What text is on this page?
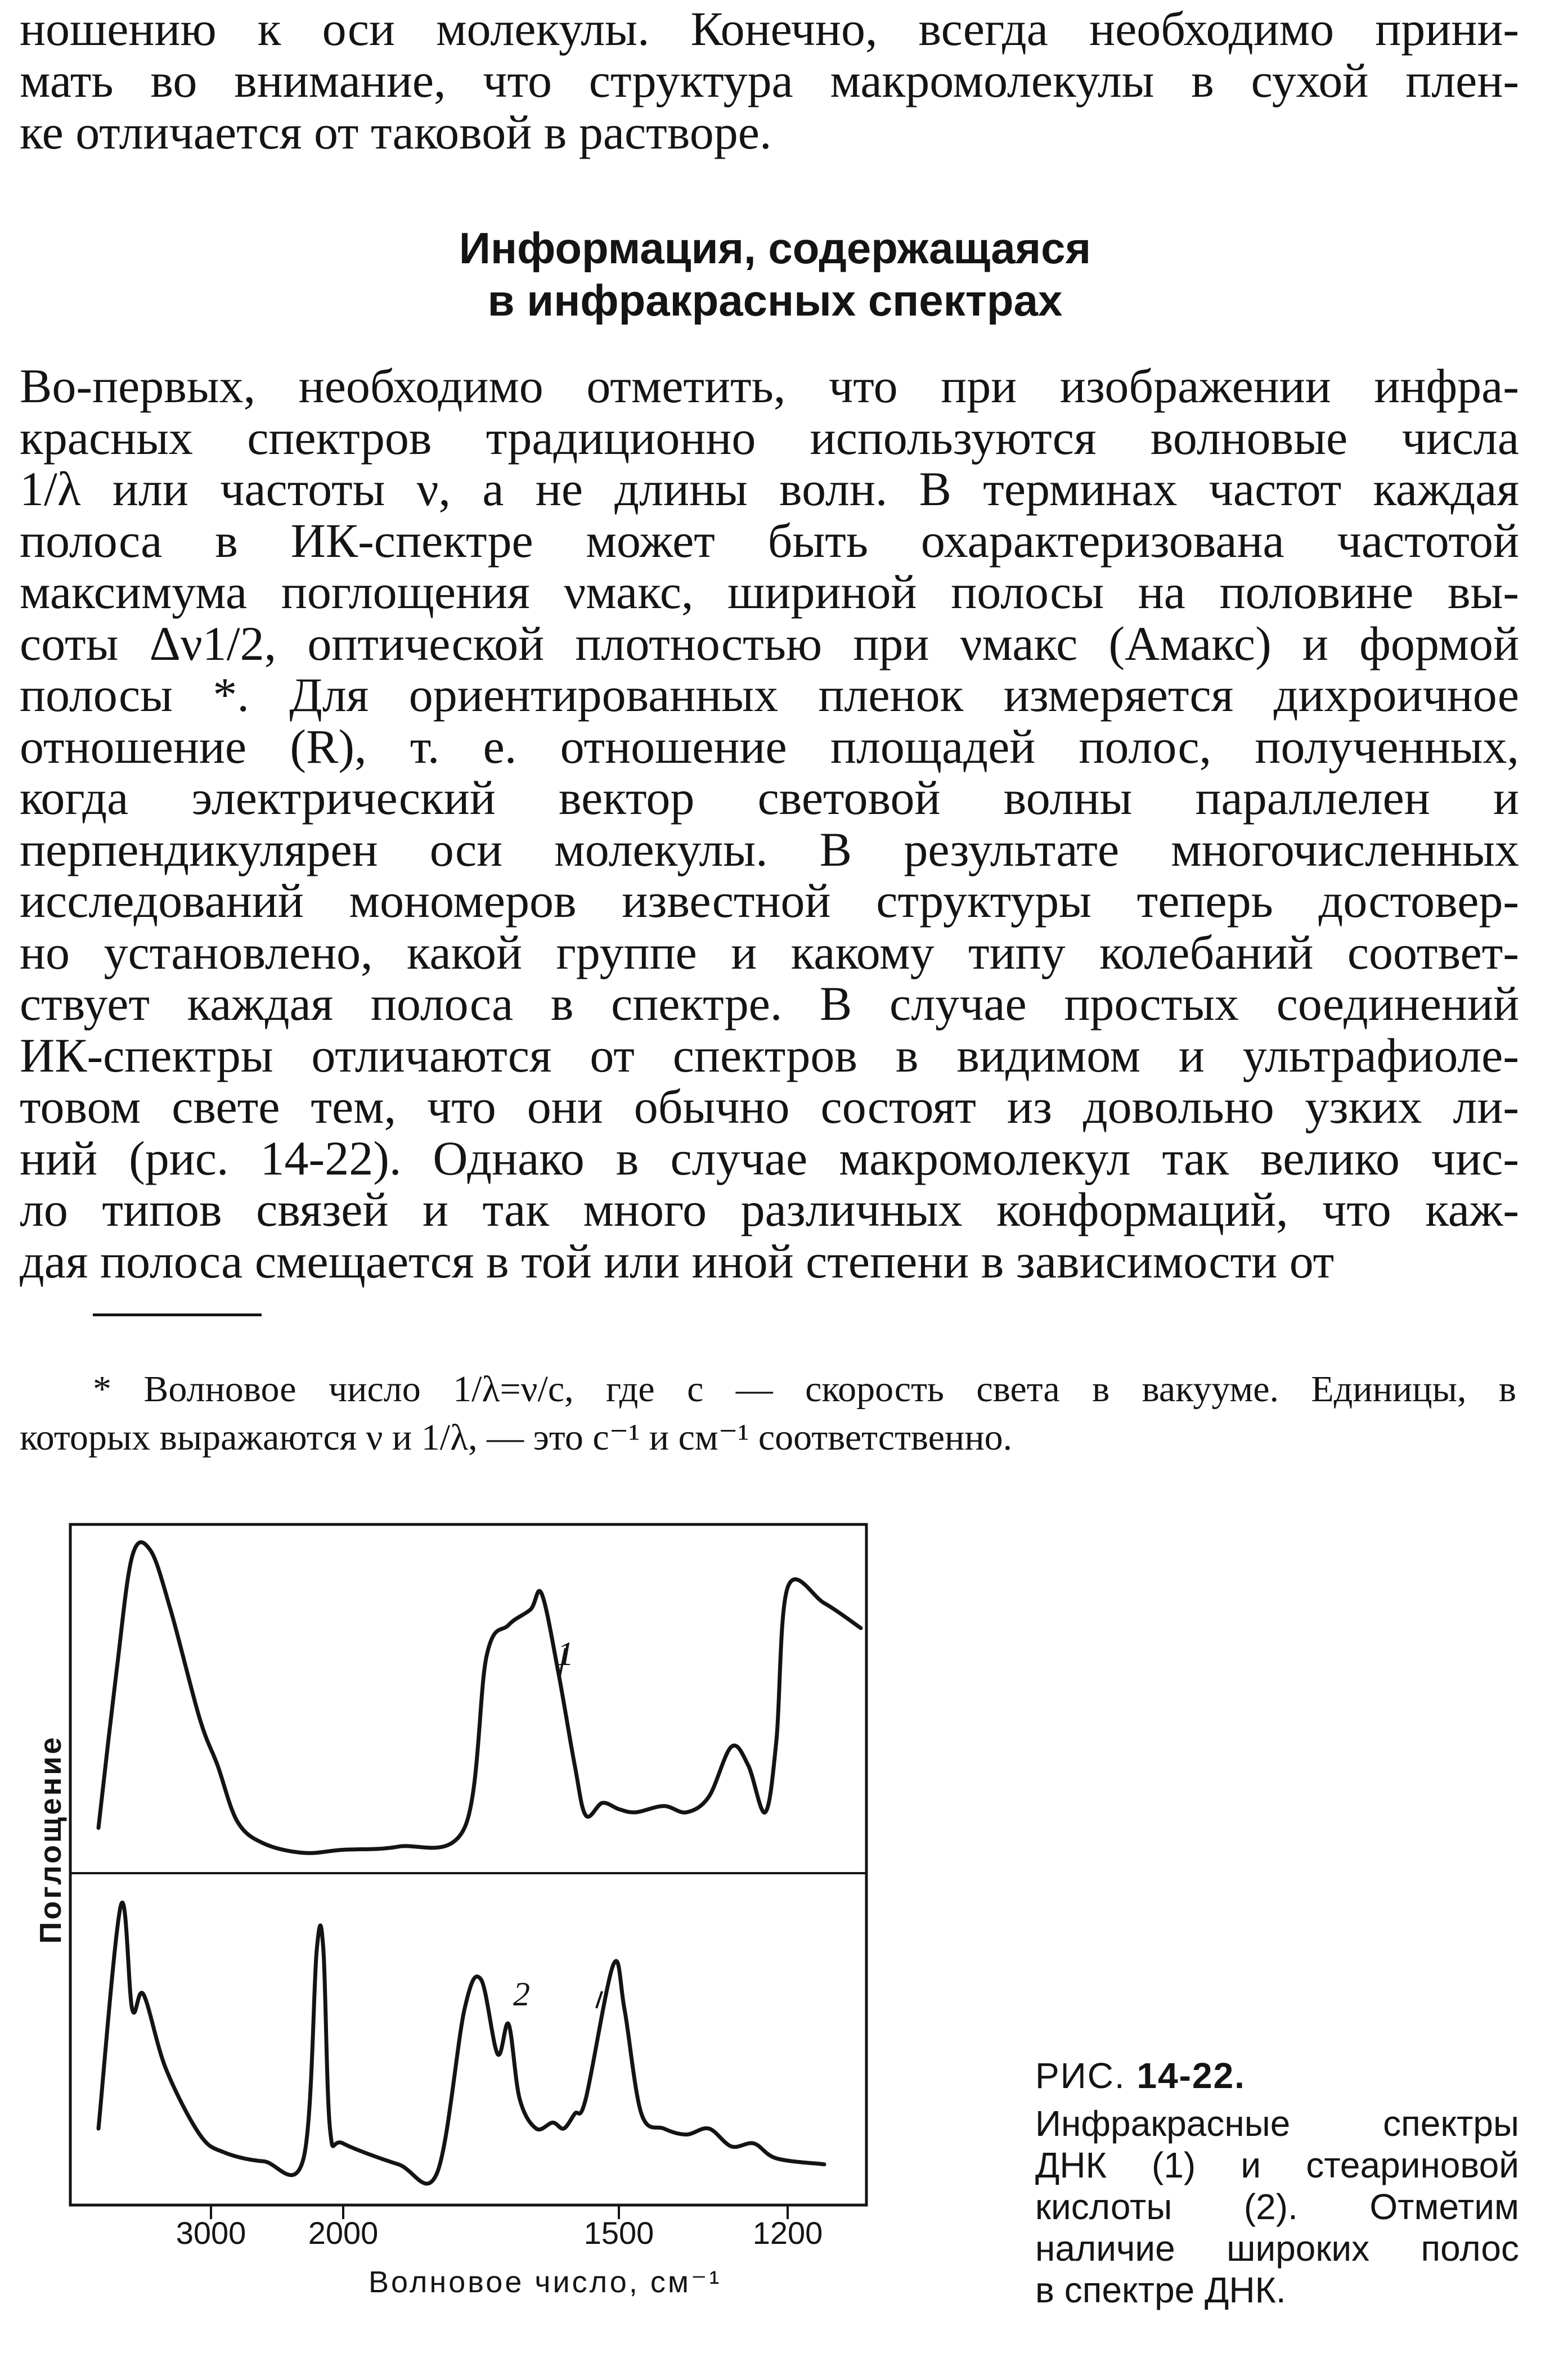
ношению к оси молекулы. Конечно, всегда необходимо прини-
мать во внимание, что структура макромолекулы в сухой плен-
ке отличается от таковой в растворе.
Информация, содержащаяся
в инфракрасных спектрах
Во-первых, необходимо отметить, что при изображении инфра-
красных спектров традиционно используются волновые числа
1/λ или частоты ν, а не длины волн. В терминах частот каждая
полоса в ИК-спектре может быть охарактеризована частотой
максимума поглощения νмакс, шириной полосы на половине вы-
соты Δν1/2, оптической плотностью при νмакс (Aмакс) и формой
полосы *. Для ориентированных пленок измеряется дихроичное
отношение (R), т. е. отношение площадей полос, полученных,
когда электрический вектор световой волны параллелен и
перпендикулярен оси молекулы. В результате многочисленных
исследований мономеров известной структуры теперь достовер-
но установлено, какой группе и какому типу колебаний соответ-
ствует каждая полоса в спектре. В случае простых соединений
ИК-спектры отличаются от спектров в видимом и ультрафиоле-
товом свете тем, что они обычно состоят из довольно узких ли-
ний (рис. 14-22). Однако в случае макромолекул так велико чис-
ло типов связей и так много различных конформаций, что каж-
дая полоса смещается в той или иной степени в зависимости от
* Волновое число 1/λ=ν/c, где c — скорость света в вакууме. Единицы, в
которых выражаются ν и 1/λ, — это с⁻¹ и см⁻¹ соответственно.
3000 2000	1500	1200
Волновое число, см⁻¹
Поглощение
1
2
РИС. 14-22.
Инфракрасные спектры
ДНК (1) и стеариновой
кислоты (2). Отметим
наличие широких полос
в спектре ДНК.
